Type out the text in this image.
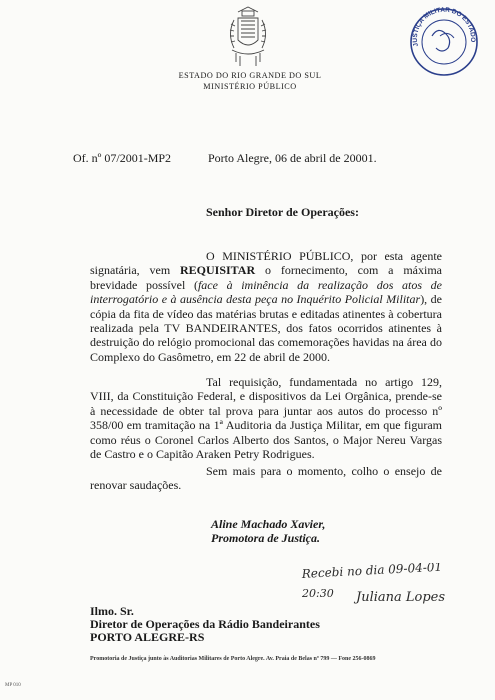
JUSTIÇA MILITAR DO ESTADO
ESTADO DO RIO GRANDE DO SUL
MINISTÉRIO PÚBLICO
Of. nº 07/2001-MP2	Porto Alegre, 06 de abril de 20001.
Senhor Diretor de Operações:

O MINISTÉRIO PÚBLICO, por esta agente signatária, vem REQUISITAR o fornecimento, com a máxima brevidade possível (face à iminência da realização dos atos de interrogatório e à ausência desta peça no Inquérito Policial Militar), de cópia da fita de vídeo das matérias brutas e editadas atinentes à cobertura realizada pela TV BANDEIRANTES, dos fatos ocorridos atinentes à destruição do relógio promocional das comemorações havidas na área do Complexo do Gasômetro, em 22 de abril de 2000.

Tal requisição, fundamentada no artigo 129, VIII, da Constituição Federal, e dispositivos da Lei Orgânica, prende-se à necessidade de obter tal prova para juntar aos autos do processo nº 358/00 em tramitação na 1ª Auditoria da Justiça Militar, em que figuram como réus o Coronel Carlos Alberto dos Santos, o Major Nereu Vargas de Castro e o Capitão Araken Petry Rodrigues.

Sem mais para o momento, colho o ensejo de renovar saudações.

Aline Machado Xavier,
Promotora de Justiça.
Recebi no dia 09-04-01
20:30 Juliana Lopes
Ilmo. Sr.
Diretor de Operações da Rádio Bandeirantes
PORTO ALEGRE-RS
Promotoria de Justiça junto às Auditorias Militares de Porto Alegre. Av. Praia de Belas nº 799 — Fone 256-0869
MP 010
